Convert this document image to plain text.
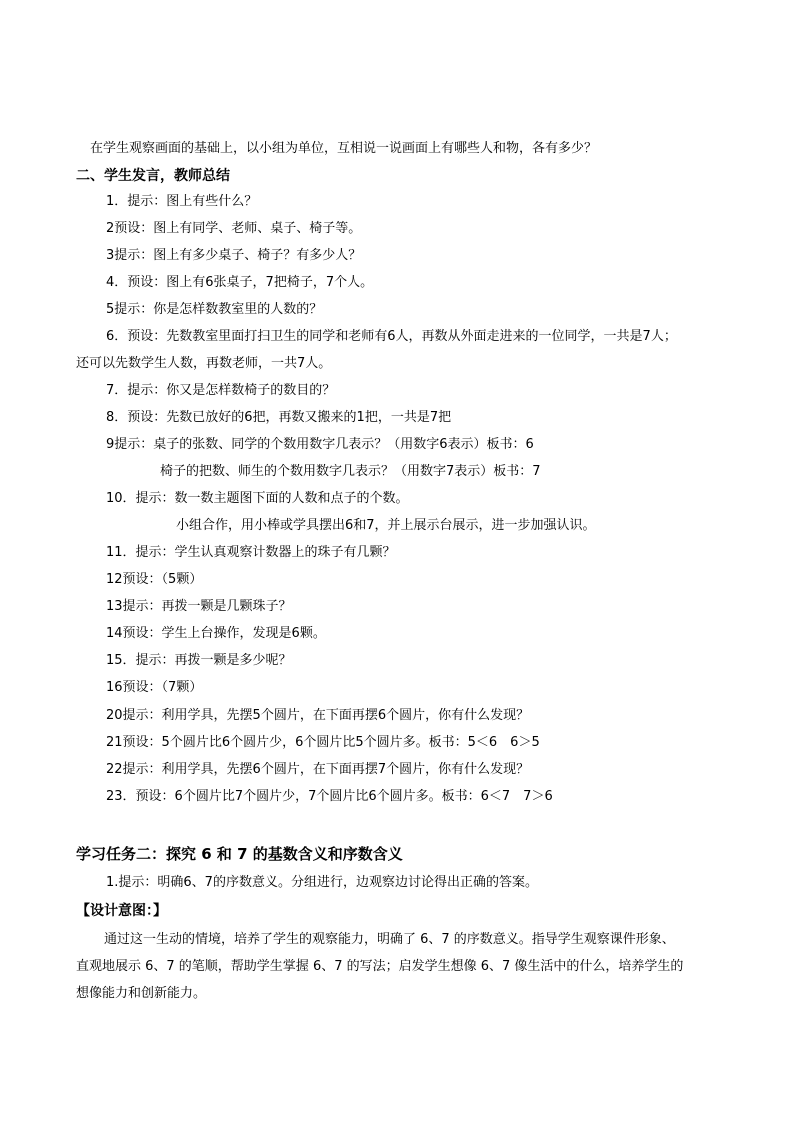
在学生观察画面的基础上，以小组为单位，互相说一说画面上有哪些人和物，各有多少？
二、学生发言，教师总结
1．提示：图上有些什么？
2预设：图上有同学、老师、桌子、椅子等。
3提示：图上有多少桌子、椅子？有多少人？
4．预设：图上有6张桌子，7把椅子，7个人。
5提示：你是怎样数教室里的人数的？
6．预设：先数教室里面打扫卫生的同学和老师有6人，再数从外面走进来的一位同学，一共是7人；
还可以先数学生人数，再数老师，一共7人。
7．提示：你又是怎样数椅子的数目的？
8．预设：先数已放好的6把，再数又搬来的1把，一共是7把
9提示：桌子的张数、同学的个数用数字几表示？（用数字6表示）板书：6
椅子的把数、师生的个数用数字几表示？（用数字7表示）板书：7
10．提示：数一数主题图下面的人数和点子的个数。
小组合作，用小棒或学具摆出6和7，并上展示台展示，进一步加强认识。
11．提示：学生认真观察计数器上的珠子有几颗？
12预设：（5颗）
13提示：再拨一颗是几颗珠子？
14预设：学生上台操作，发现是6颗。
15．提示：再拨一颗是多少呢？
16预设：（7颗）
20提示：利用学具，先摆5个圆片，在下面再摆6个圆片，你有什么发现？
21预设：5个圆片比6个圆片少，6个圆片比5个圆片多。板书：5＜6　6＞5
22提示：利用学具，先摆6个圆片，在下面再摆7个圆片，你有什么发现？
23．预设：6个圆片比7个圆片少，7个圆片比6个圆片多。板书：6＜7　7＞6
学习任务二：探究 6 和 7 的基数含义和序数含义
1.提示：明确6、7的序数意义。分组进行，边观察边讨论得出正确的答案。
【设计意图：】
通过这一生动的情境，培养了学生的观察能力，明确了 6、7 的序数意义。指导学生观察课件形象、
直观地展示 6、7 的笔顺，帮助学生掌握 6、7 的写法；启发学生想像 6、7 像生活中的什么，培养学生的
想像能力和创新能力。
